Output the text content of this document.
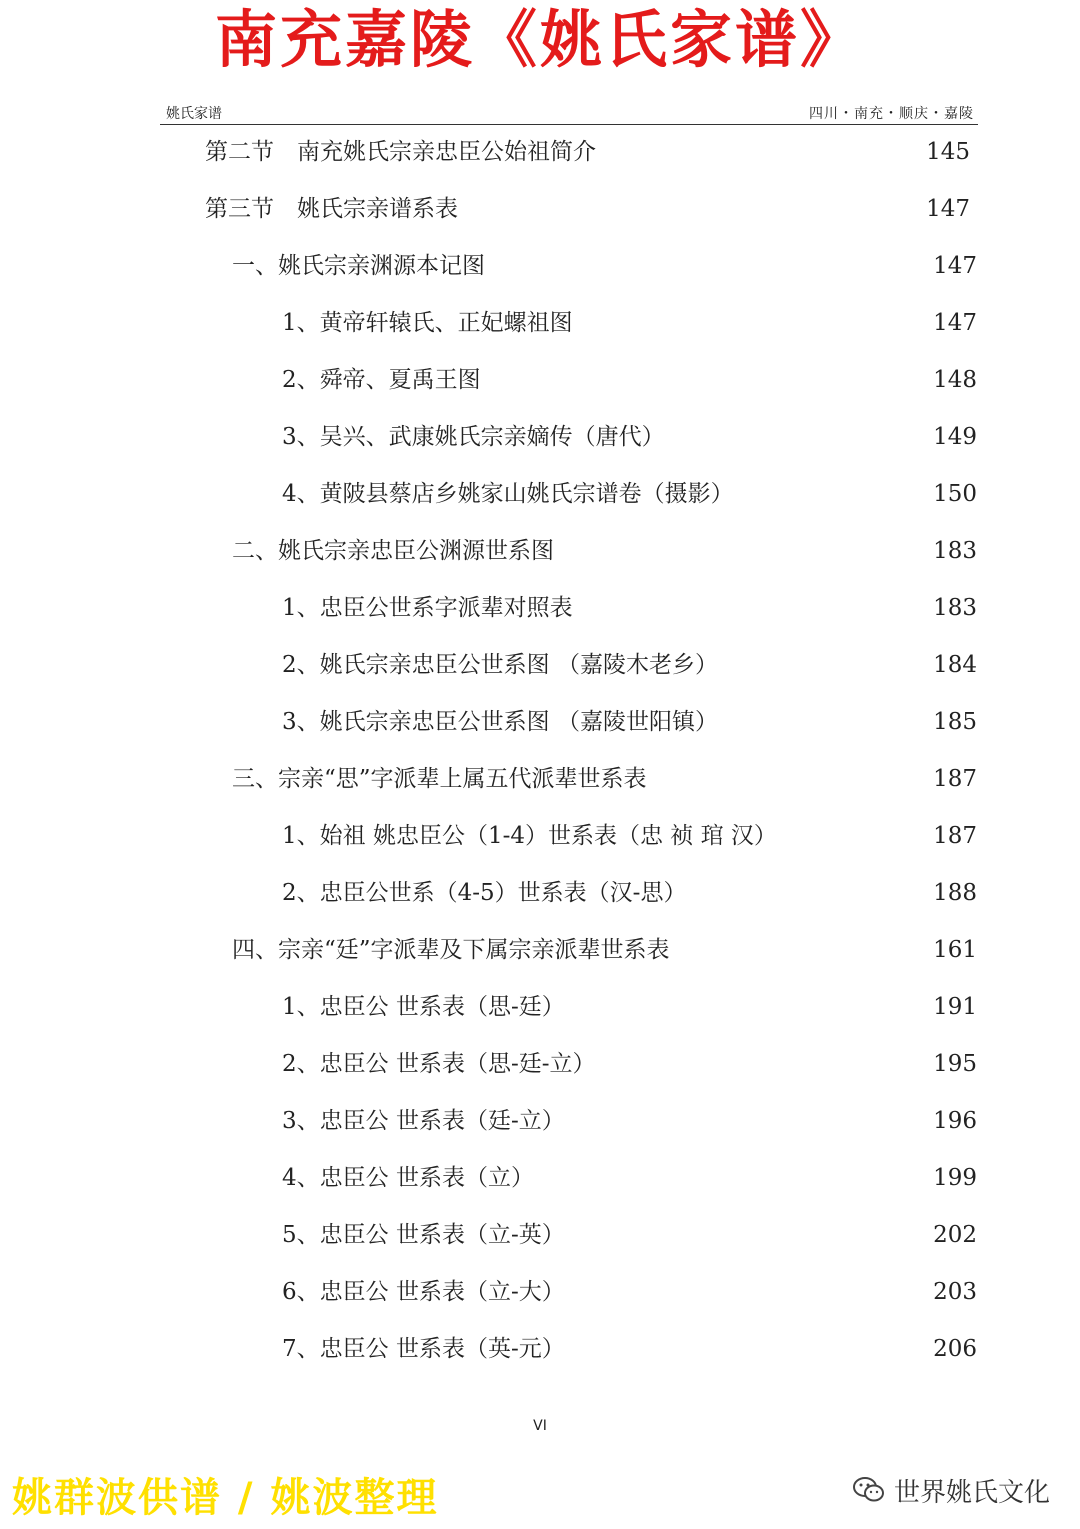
南充嘉陵《姚氏家谱》
姚氏家谱	四川・南充・顺庆・嘉陵
第二节　南充姚氏宗亲忠臣公始祖简介	145
第三节　姚氏宗亲谱系表	147
一、姚氏宗亲渊源本记图	147
1、黄帝轩辕氏、正妃螺祖图	147
2、舜帝、夏禹王图	148
3、吴兴、武康姚氏宗亲嫡传（唐代）	149
4、黄陂县蔡店乡姚家山姚氏宗谱卷（摄影）	150
二、姚氏宗亲忠臣公渊源世系图	183
1、忠臣公世系字派辈对照表	183
2、姚氏宗亲忠臣公世系图 （嘉陵木老乡）	184
3、姚氏宗亲忠臣公世系图 （嘉陵世阳镇）	185
三、宗亲“思”字派辈上属五代派辈世系表	187
1、始祖 姚忠臣公（1-4）世系表（忠 祯 琯 汉）	187
2、忠臣公世系（4-5）世系表（汉-思）	188
四、宗亲“廷”字派辈及下属宗亲派辈世系表	161
1、忠臣公 世系表（思-廷）	191
2、忠臣公 世系表（思-廷-立）	195
3、忠臣公 世系表（廷-立）	196
4、忠臣公 世系表（立）	199
5、忠臣公 世系表（立-英）	202
6、忠臣公 世系表（立-大）	203
7、忠臣公 世系表（英-元）	206
VI
姚群波供谱 / 姚波整理	世界姚氏文化
